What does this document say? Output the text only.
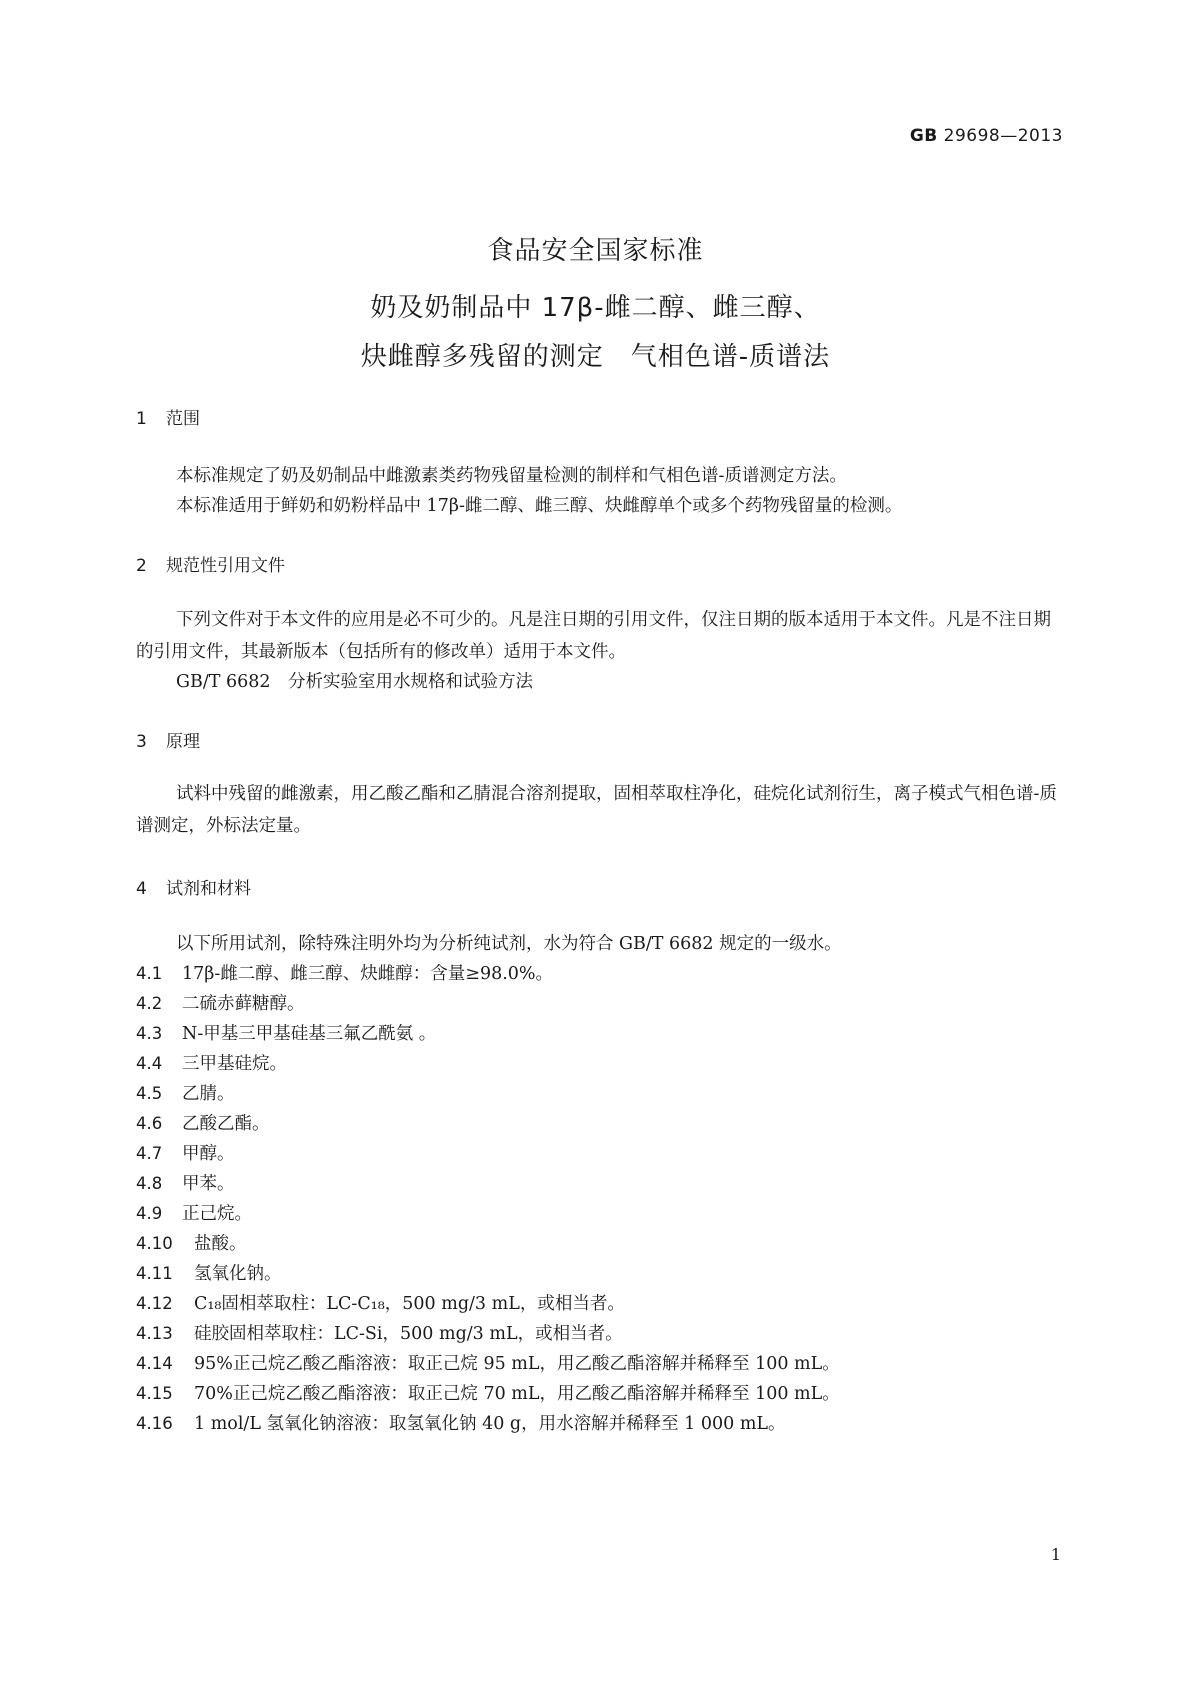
GB 29698—2013
食品安全国家标准
奶及奶制品中 17β-雌二醇、雌三醇、
炔雌醇多残留的测定　气相色谱-质谱法
1 范围
本标准规定了奶及奶制品中雌激素类药物残留量检测的制样和气相色谱-质谱测定方法。
本标准适用于鲜奶和奶粉样品中 17β-雌二醇、雌三醇、炔雌醇单个或多个药物残留量的检测。
2 规范性引用文件
下列文件对于本文件的应用是必不可少的。凡是注日期的引用文件，仅注日期的版本适用于本文件。凡是不注日期的引用文件，其最新版本（包括所有的修改单）适用于本文件。
GB/T 6682　分析实验室用水规格和试验方法
3 原理
试料中残留的雌激素，用乙酸乙酯和乙腈混合溶剂提取，固相萃取柱净化，硅烷化试剂衍生，离子模式气相色谱-质谱测定，外标法定量。
4 试剂和材料
以下所用试剂，除特殊注明外均为分析纯试剂，水为符合 GB/T 6682 规定的一级水。
4.1 17β-雌二醇、雌三醇、炔雌醇：含量≥98.0%。
4.2 二硫赤藓糖醇。
4.3 N-甲基三甲基硅基三氟乙酰氨 。
4.4 三甲基硅烷。
4.5 乙腈。
4.6 乙酸乙酯。
4.7 甲醇。
4.8 甲苯。
4.9 正己烷。
4.10 盐酸。
4.11 氢氧化钠。
4.12 C₁₈固相萃取柱：LC-C₁₈，500 mg/3 mL，或相当者。
4.13 硅胶固相萃取柱：LC-Si，500 mg/3 mL，或相当者。
4.14 95%正己烷乙酸乙酯溶液：取正己烷 95 mL，用乙酸乙酯溶解并稀释至 100 mL。
4.15 70%正己烷乙酸乙酯溶液：取正己烷 70 mL，用乙酸乙酯溶解并稀释至 100 mL。
4.16 1 mol/L 氢氧化钠溶液：取氢氧化钠 40 g，用水溶解并稀释至 1 000 mL。
1
